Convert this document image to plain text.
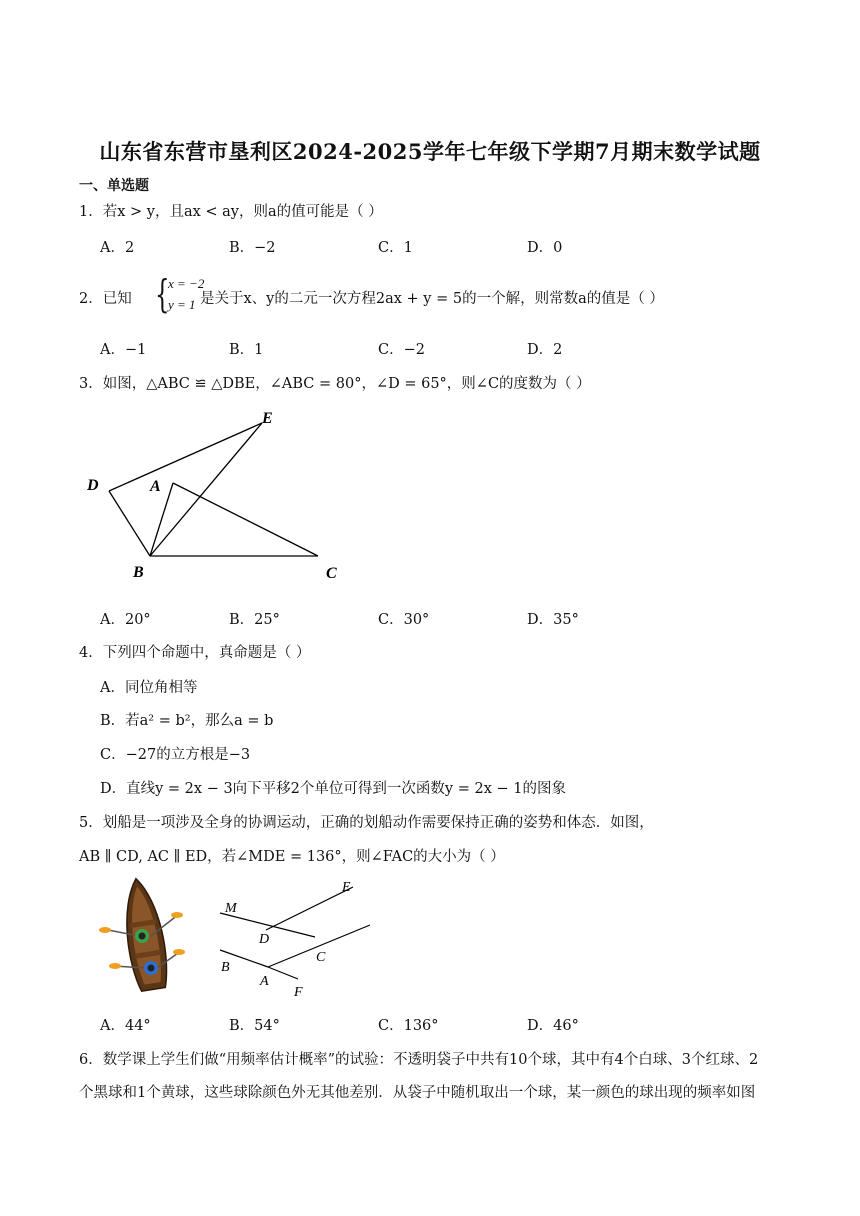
山东省东营市垦利区2024-2025学年七年级下学期7月期末数学试题
一、单选题
1．若x > y，且ax < ay，则a的值可能是（ ）
A．2	B．−2	C．1	D．0
2．已知 {
x = −2
y = 1 是关于x、y的二元一次方程2ax + y = 5的一个解，则常数a的值是（ ）
A．−1	B．1	C．−2	D．2
3．如图，△ABC ≌ △DBE，∠ABC = 80°，∠D = 65°，则∠C的度数为（ ）
E
D	A
B	C
A．20°	B．25°	C．30°	D．35°
4．下列四个命题中，真命题是（ ）
A．同位角相等
B．若a² = b²，那么a = b
C．−27的立方根是−3
D．直线y = 2x − 3向下平移2个单位可得到一次函数y = 2x − 1的图象
5．划船是一项涉及全身的协调运动，正确的划船动作需要保持正确的姿势和体态．如图，
AB ∥ CD, AC ∥ ED，若∠MDE = 136°，则∠FAC的大小为（ ）
E
M
D
C
B
A
F
A．44°	B．54°	C．136°	D．46°
6．数学课上学生们做“用频率估计概率”的试验：不透明袋子中共有10个球，其中有4个白球、3个红球、2
个黑球和1个黄球，这些球除颜色外无其他差别．从袋子中随机取出一个球，某一颜色的球出现的频率如图
